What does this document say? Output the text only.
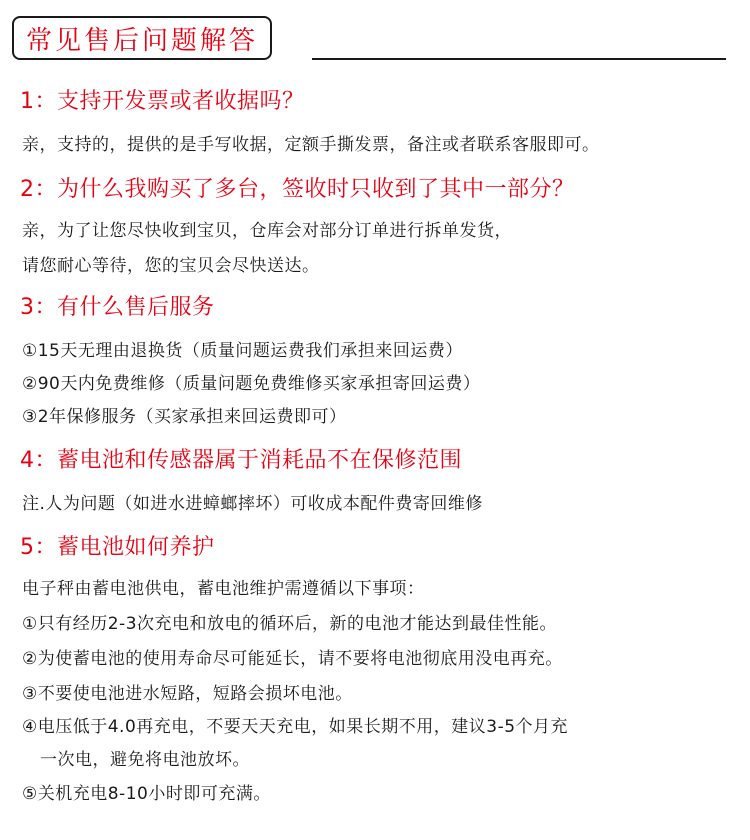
常见售后问题解答
1：支持开发票或者收据吗？
亲，支持的，提供的是手写收据，定额手撕发票，备注或者联系客服即可。
2：为什么我购买了多台，签收时只收到了其中一部分？
亲，为了让您尽快收到宝贝，仓库会对部分订单进行拆单发货，
请您耐心等待，您的宝贝会尽快送达。
3：有什么售后服务
①15天无理由退换货（质量问题运费我们承担来回运费）
②90天内免费维修（质量问题免费维修买家承担寄回运费）
③2年保修服务（买家承担来回运费即可）
4：蓄电池和传感器属于消耗品不在保修范围
注.人为问题（如进水进蟑螂摔坏）可收成本配件费寄回维修
5：蓄电池如何养护
电子秤由蓄电池供电，蓄电池维护需遵循以下事项：
①只有经历2-3次充电和放电的循环后，新的电池才能达到最佳性能。
②为使蓄电池的使用寿命尽可能延长，请不要将电池彻底用没电再充。
③不要使电池进水短路，短路会损坏电池。
④电压低于4.0再充电，不要天天充电，如果长期不用，建议3-5个月充
一次电，避免将电池放坏。
⑤关机充电8-10小时即可充满。
